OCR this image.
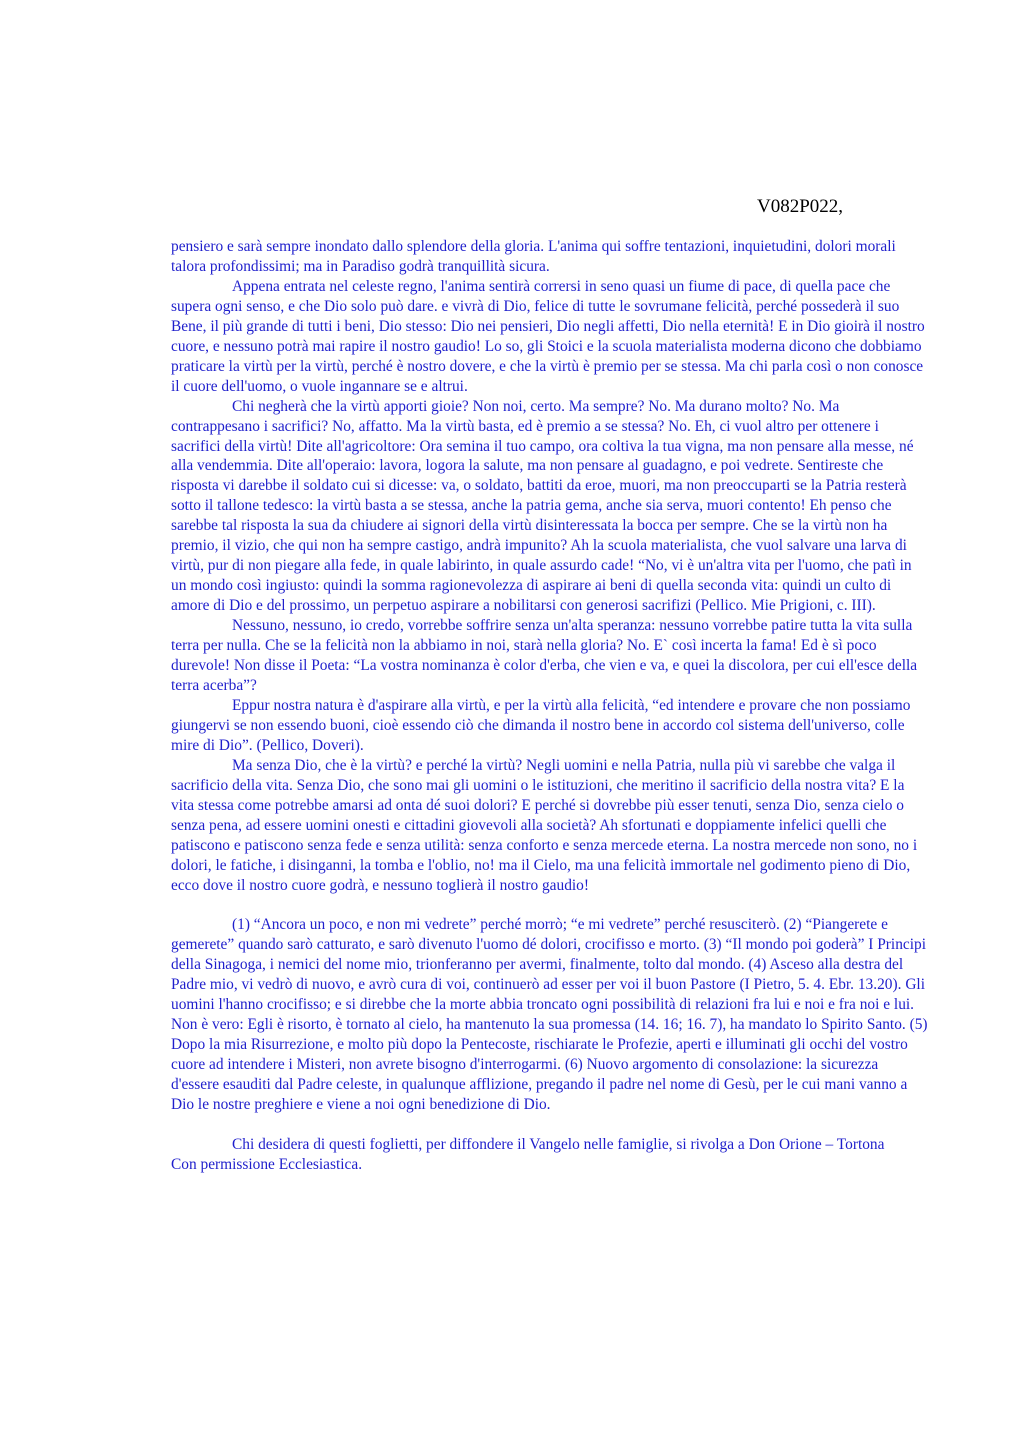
V082P022,

pensiero e sarà sempre inondato dallo splendore della gloria. L'anima qui soffre tentazioni, inquietudini, dolori morali talora profondissimi; ma in Paradiso godrà tranquillità sicura.

Appena entrata nel celeste regno, l'anima sentirà corrersi in seno quasi un fiume di pace, di quella pace che supera ogni senso, e che Dio solo può dare. e vivrà di Dio, felice di tutte le sovrumane felicità, perché possederà il suo Bene, il più grande di tutti i beni, Dio stesso: Dio nei pensieri, Dio negli affetti, Dio nella eternità! E in Dio gioirà il nostro cuore, e nessuno potrà mai rapire il nostro gaudio! Lo so, gli Stoici e la scuola materialista moderna dicono che dobbiamo praticare la virtù per la virtù, perché è nostro dovere, e che la virtù è premio per se stessa. Ma chi parla così o non conosce il cuore dell'uomo, o vuole ingannare se e altrui.

Chi negherà che la virtù apporti gioie? Non noi, certo. Ma sempre? No. Ma durano molto? No. Ma contrappesano i sacrifici? No, affatto. Ma la virtù basta, ed è premio a se stessa? No. Eh, ci vuol altro per ottenere i sacrifici della virtù! Dite all'agricoltore: Ora semina il tuo campo, ora coltiva la tua vigna, ma non pensare alla messe, né alla vendemmia. Dite all'operaio: lavora, logora la salute, ma non pensare al guadagno, e poi vedrete. Sentireste che risposta vi darebbe il soldato cui si dicesse: va, o soldato, battiti da eroe, muori, ma non preoccuparti se la Patria resterà sotto il tallone tedesco: la virtù basta a se stessa, anche la patria gema, anche sia serva, muori contento! Eh penso che sarebbe tal risposta la sua da chiudere ai signori della virtù disinteressata la bocca per sempre. Che se la virtù non ha premio, il vizio, che qui non ha sempre castigo, andrà impunito? Ah la scuola materialista, che vuol salvare una larva di virtù, pur di non piegare alla fede, in quale labirinto, in quale assurdo cade! “No, vi è un'altra vita per l'uomo, che patì in un mondo così ingiusto: quindi la somma ragionevolezza di aspirare ai beni di quella seconda vita: quindi un culto di amore di Dio e del prossimo, un perpetuo aspirare a nobilitarsi con generosi sacrifizi (Pellico. Mie Prigioni, c. III).

Nessuno, nessuno, io credo, vorrebbe soffrire senza un'alta speranza: nessuno vorrebbe patire tutta la vita sulla terra per nulla. Che se la felicità non la abbiamo in noi, starà nella gloria? No. E` così incerta la fama! Ed è sì poco durevole! Non disse il Poeta: “La vostra nominanza è color d'erba, che vien e va, e quei la discolora, per cui ell'esce della terra acerba”?

Eppur nostra natura è d'aspirare alla virtù, e per la virtù alla felicità, “ed intendere e provare che non possiamo giungervi se non essendo buoni, cioè essendo ciò che dimanda il nostro bene in accordo col sistema dell'universo, colle mire di Dio”. (Pellico, Doveri).

Ma senza Dio, che è la virtù? e perché la virtù? Negli uomini e nella Patria, nulla più vi sarebbe che valga il sacrificio della vita. Senza Dio, che sono mai gli uomini o le istituzioni, che meritino il sacrificio della nostra vita? E la vita stessa come potrebbe amarsi ad onta dé suoi dolori? E perché si dovrebbe più esser tenuti, senza Dio, senza cielo o senza pena, ad essere uomini onesti e cittadini giovevoli alla società? Ah sfortunati e doppiamente infelici quelli che patiscono e patiscono senza fede e senza utilità: senza conforto e senza mercede eterna. La nostra mercede non sono, no i dolori, le fatiche, i disinganni, la tomba e l'oblio, no! ma il Cielo, ma una felicità immortale nel godimento pieno di Dio, ecco dove il nostro cuore godrà, e nessuno toglierà il nostro gaudio!

(1) “Ancora un poco, e non mi vedrete” perché morrò; “e mi vedrete” perché resusciterò. (2) “Piangerete e gemerete” quando sarò catturato, e sarò divenuto l'uomo dé dolori, crocifisso e morto. (3) “Il mondo poi goderà” I Principi della Sinagoga, i nemici del nome mio, trionferanno per avermi, finalmente, tolto dal mondo. (4) Asceso alla destra del Padre mio, vi vedrò di nuovo, e avrò cura di voi, continuerò ad esser per voi il buon Pastore (I Pietro, 5. 4. Ebr. 13.20). Gli uomini l'hanno crocifisso; e si direbbe che la morte abbia troncato ogni possibilità di relazioni fra lui e noi e fra noi e lui. Non è vero: Egli è risorto, è tornato al cielo, ha mantenuto la sua promessa (14. 16; 16. 7), ha mandato lo Spirito Santo. (5) Dopo la mia Risurrezione, e molto più dopo la Pentecoste, rischiarate le Profezie, aperti e illuminati gli occhi del vostro cuore ad intendere i Misteri, non avrete bisogno d'interrogarmi. (6) Nuovo argomento di consolazione: la sicurezza d'essere esauditi dal Padre celeste, in qualunque afflizione, pregando il padre nel nome di Gesù, per le cui mani vanno a Dio le nostre preghiere e viene a noi ogni benedizione di Dio.

Chi desidera di questi foglietti, per diffondere il Vangelo nelle famiglie, si rivolga a Don Orione – Tortona

Con permissione Ecclesiastica.
